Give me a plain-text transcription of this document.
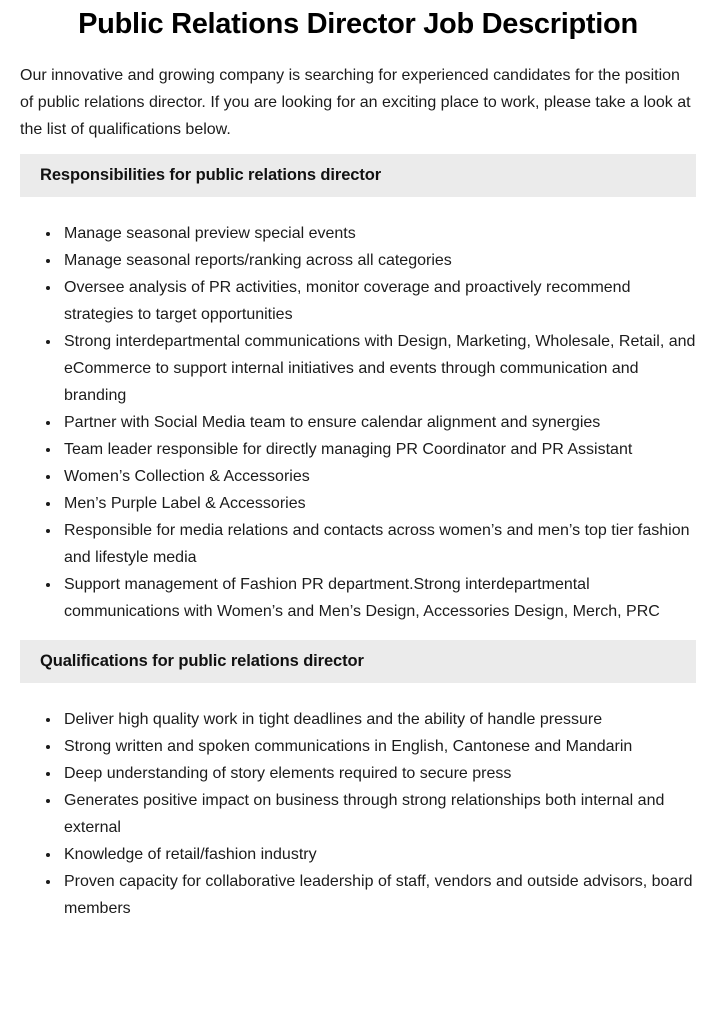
Public Relations Director Job Description

Our innovative and growing company is searching for experienced candidates for the position of public relations director. If you are looking for an exciting place to work, please take a look at the list of qualifications below.

Responsibilities for public relations director
• Manage seasonal preview special events
• Manage seasonal reports/ranking across all categories
• Oversee analysis of PR activities, monitor coverage and proactively recommend strategies to target opportunities
• Strong interdepartmental communications with Design, Marketing, Wholesale, Retail, and eCommerce to support internal initiatives and events through communication and branding
• Partner with Social Media team to ensure calendar alignment and synergies
• Team leader responsible for directly managing PR Coordinator and PR Assistant
• Women’s Collection & Accessories
• Men’s Purple Label & Accessories
• Responsible for media relations and contacts across women’s and men’s top tier fashion and lifestyle media
• Support management of Fashion PR department.Strong interdepartmental communications with Women’s and Men’s Design, Accessories Design, Merch, PRC
Qualifications for public relations director
• Deliver high quality work in tight deadlines and the ability of handle pressure
• Strong written and spoken communications in English, Cantonese and Mandarin
• Deep understanding of story elements required to secure press
• Generates positive impact on business through strong relationships both internal and external
• Knowledge of retail/fashion industry
• Proven capacity for collaborative leadership of staff, vendors and outside advisors, board members
